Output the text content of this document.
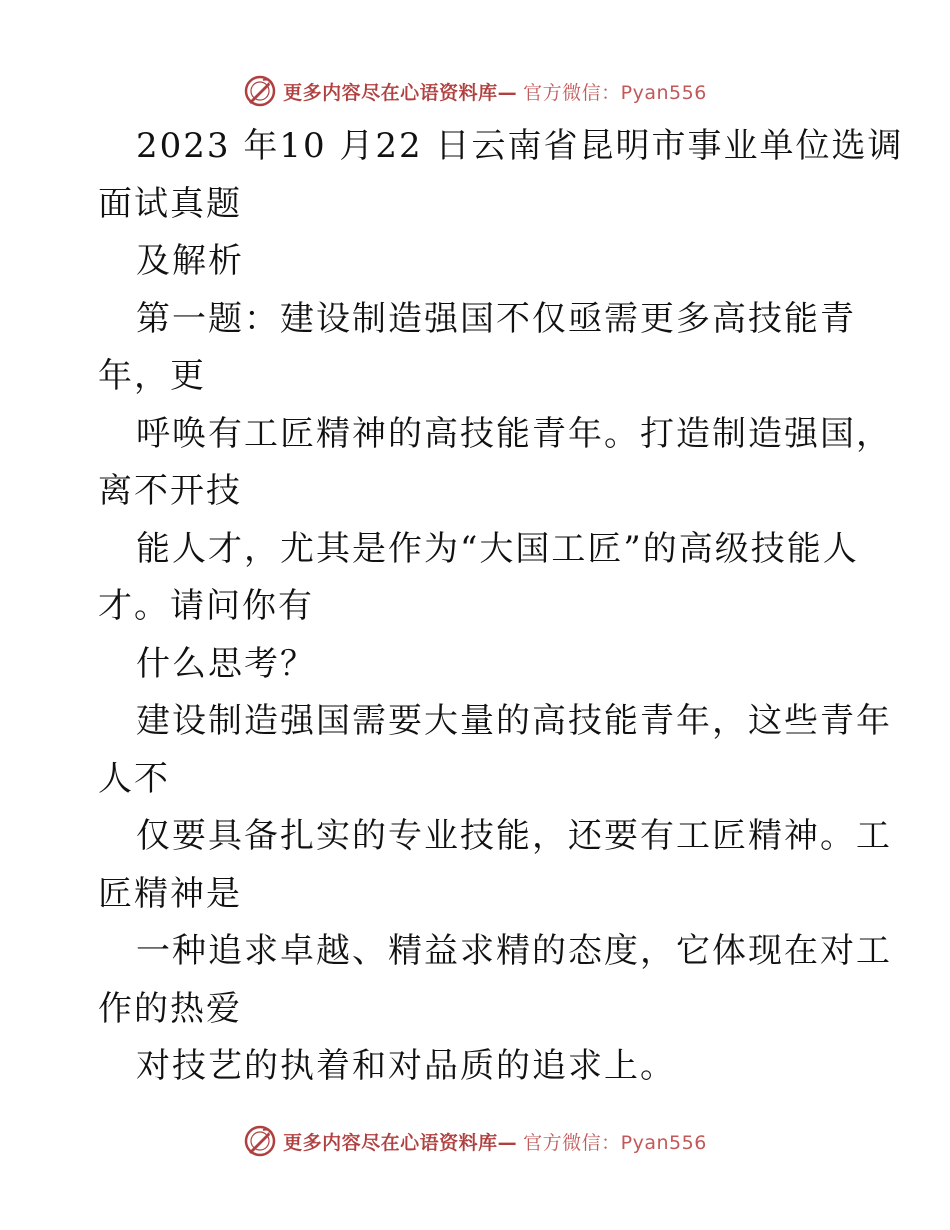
更多内容尽在心语资料库— 官方微信：Pyan556

2023 年10 月22 日云南省昆明市事业单位选调

面试真题

及解析

第一题：建设制造强国不仅亟需更多高技能青

年，更

呼唤有工匠精神的高技能青年。打造制造强国，

离不开技

能人才，尤其是作为“大国工匠”的高级技能人

才。请问你有

什么思考？

建设制造强国需要大量的高技能青年，这些青年

人不

仅要具备扎实的专业技能，还要有工匠精神。工

匠精神是

一种追求卓越、精益求精的态度，它体现在对工

作的热爱

对技艺的执着和对品质的追求上。

更多内容尽在心语资料库— 官方微信：Pyan556
